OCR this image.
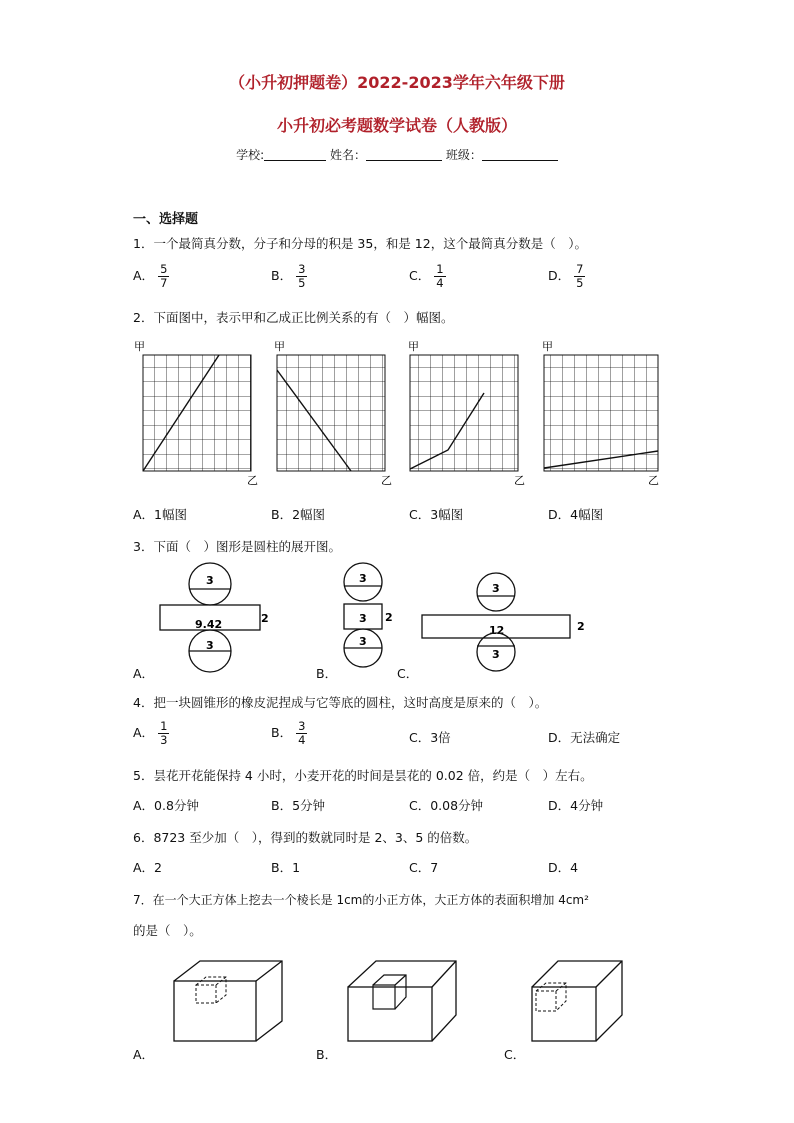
（小升初押题卷）2022-2023学年六年级下册
小升初必考题数学试卷（人教版）
学校:	姓名：	班级：
一、选择题
1．一个最简真分数，分子和分母的积是 35，和是 12，这个最简真分数是（　）。
A． $\frac{5}{7}$	B． $\frac{3}{5}$	C． $\frac{1}{4}$	D． $\frac{7}{5}$
2．下面图中，表示甲和乙成正比例关系的有（　）幅图。
甲
乙
甲
乙
甲
乙
甲
乙
A．1幅图	B．2幅图	C．3幅图	D．4幅图
3．下面（　）图形是圆柱的展开图。
3
9.42	2
3
3
3 2
3
3
12	2
3
A．	B．	C．
4．把一块圆锥形的橡皮泥捏成与它等底的圆柱，这时高度是原来的（　）。
A． $\frac{1}{3}$	B． $\frac{3}{4}$	C．3倍	D．无法确定
5．昙花开花能保持 4 小时，小麦开花的时间是昙花的 0.02 倍，约是（　）左右。
A．0.8分钟	B．5分钟	C．0.08分钟	D．4分钟
6．8723 至少加（　），得到的数就同时是 2、3、5 的倍数。
A．2	B．1	C．7	D．4
7．在一个大正方体上挖去一个棱长是 1cm的小正方体，大正方体的表面积增加 4cm²
的是（　）。
A．	B．	C．
